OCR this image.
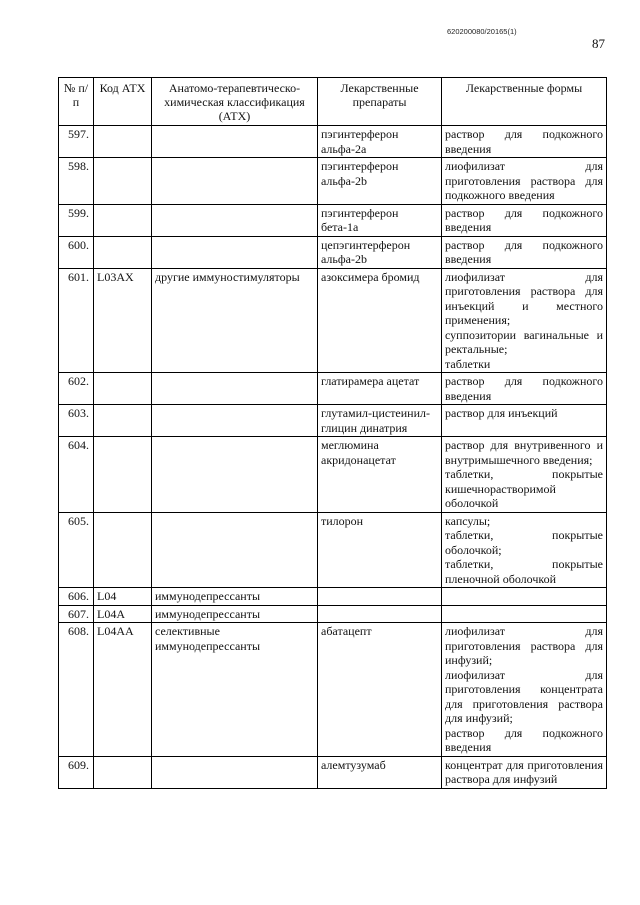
620200080/20165(1)
87
№ п/п	Код АТХ	Анатомо-терапевтическо-химическая классификация (АТХ)	Лекарственные препараты	Лекарственные формы

597.			пэгинтерферон альфа-2а	раствор для подкожного введения

598.			пэгинтерферон альфа-2b	лиофилизат для приготовления раствора для подкожного введения

599.			пэгинтерферон бета-1а	раствор для подкожного введения

600.			цепэгинтерферон альфа-2b	раствор для подкожного введения

601.	L03AX	другие иммуностимуляторы	азоксимера бромид	лиофилизат для приготовления раствора для инъекций и местного применения;
суппозитории вагинальные и ректальные;
таблетки

602.			глатирамера ацетат	раствор для подкожного введения

603.			глутамил-цистеинил-глицин динатрия	раствор для инъекций

604.			меглюмина акридонацетат	раствор для внутривенного и внутримышечного введения;
таблетки, покрытые кишечнорастворимой оболочкой

605.			тилорон	капсулы;
таблетки, покрытые оболочкой;
таблетки, покрытые пленочной оболочкой

606.	L04	иммунодепрессанты		

607.	L04A	иммунодепрессанты		

608.	L04AA	селективные иммунодепрессанты	абатацепт	лиофилизат для приготовления раствора для инфузий;
лиофилизат для приготовления концентрата для приготовления раствора для инфузий;
раствор для подкожного введения

609.			алемтузумаб	концентрат для приготовления раствора для инфузий
